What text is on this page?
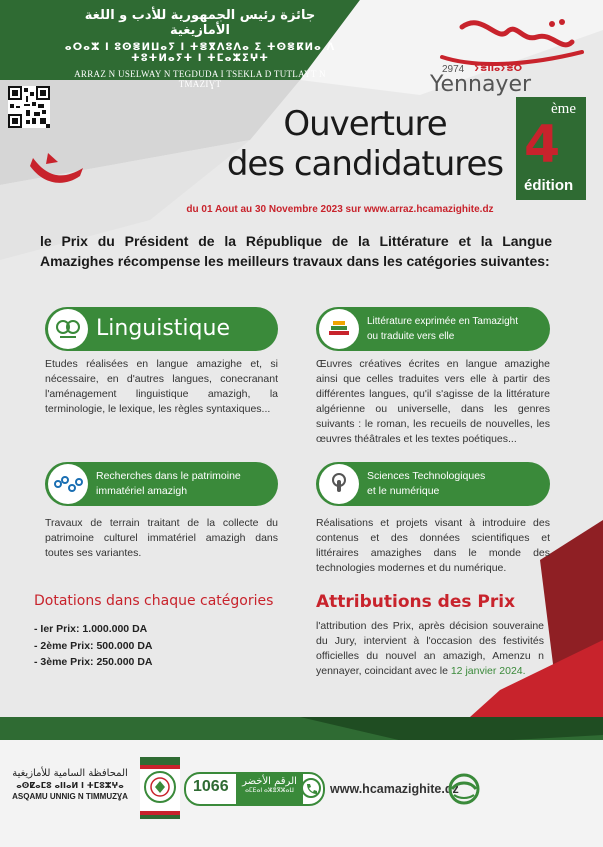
جائزة رئيس الجمهورية للأدب و اللغة الأمازيغية
ⴰⵔⴰⵣ ⵏ ⵓⵙⴻⵍⵡⴰⵢ ⵏ ⵜⴻⴳⴷⵓⴷⴰ ⵉ ⵜⵙⴻⴽⵍⴰ ⴷ ⵜⵓⵜⵍⴰⵢⵜ ⵏ ⵜⵎⴰⵣⵉⵖⵜ
ARRAZ N USELWAY N TEGDUDA I TSEKLA D TUTLAYT N TMAZIƔT
2974 ⵢⴻⵏⵏⴰⵢⴻⵔ
Yennayer
Ouverture
des candidatures
ème
4
édition
du 01 Aout au 30 Novembre 2023 sur www.arraz.hcamazighite.dz
le Prix du Président de la République de la Littérature et la Langue Amazighes récompense les meilleurs travaux dans les catégories suivantes:
Linguistique
Etudes réalisées en langue amazighe et, si nécessaire, en d'autres langues, conecranant l'aménagement linguistique amazigh, la terminologie, le lexique, les règles syntaxiques...
Littérature exprimée en Tamazight
ou traduite vers elle
Œuvres créatives écrites en langue amazighe ainsi que celles traduites vers elle à partir des différentes langues, qu'il s'agisse de la littérature algérienne ou universelle, dans les genres suivants : le roman, les recueils de nouvelles, les œuvres théâtrales et les textes poétiques...
Recherches dans le patrimoine
immatériel amazigh
Travaux de terrain traitant de la collecte du patrimoine culturel immatériel amazigh dans toutes ses variantes.
Sciences Technologiques
et le numérique
Réalisations et projets visant à introduire des contenus et des données scientifiques et littéraires amazighes dans le monde des technologies modernes et du numérique.
Dotations dans chaque catégories
- Ier Prix: 1.000.000 DA
- 2ème Prix: 500.000 DA
- 3ème Prix: 250.000 DA
Attributions des Prix
l'attribution des Prix, après décision souveraine du Jury, intervient à l'occasion des festivités officielles du nouvel an amazigh, Amenzu n yennayer, coincidant avec le 12 janvier 2024.
المحافظة السامية للأمازيغية
ⴰⵙⵇⴰⵎⵓ ⴰⵏⵏⴰⵍ ⵏ ⵜⵎⵓⵣⵖⴰ
ASQAMU UNNIG N TIMMUZƔA
1066	الرقم الأخضر
ⴰⵎⴹⴰⵏ ⴰⵣⴻⴳⵣⴰⵡ	www.hcamazighite.dz
